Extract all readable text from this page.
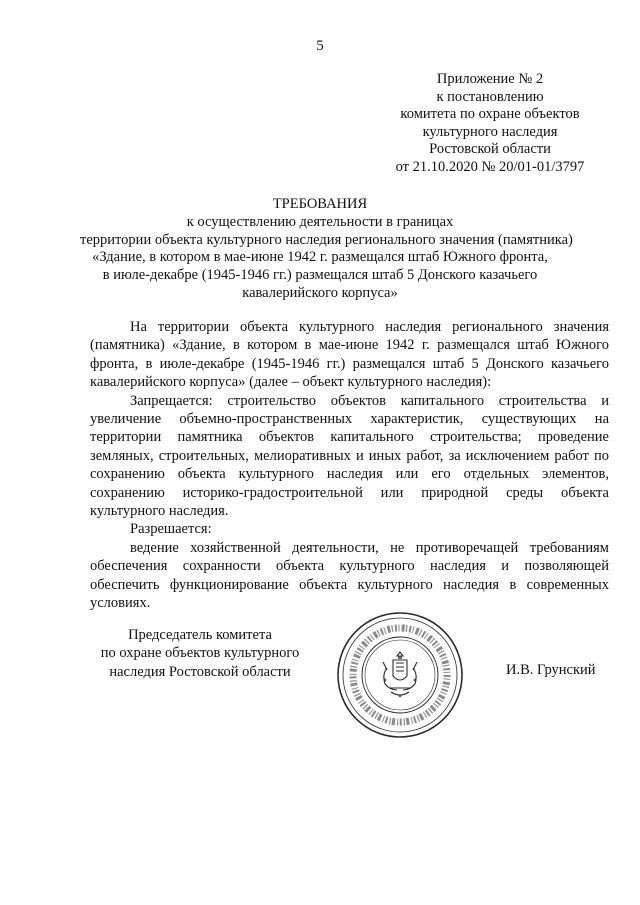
5
Приложение № 2
к постановлению
комитета по охране объектов
культурного наследия
Ростовской области
от 21.10.2020 № 20/01-01/3797
ТРЕБОВАНИЯ
к осуществлению деятельности в границах
территории объекта культурного наследия регионального значения (памятника)
«Здание, в котором в мае-июне 1942 г. размещался штаб Южного фронта,
в июле-декабре (1945-1946 гг.) размещался штаб 5 Донского казачьего
кавалерийского корпуса»

На территории объекта культурного наследия регионального значения (памятника) «Здание, в котором в мае-июне 1942 г. размещался штаб Южного фронта, в июле-декабре (1945-1946 гг.) размещался штаб 5 Донского казачьего кавалерийского корпуса» (далее – объект культурного наследия):

Запрещается: строительство объектов капитального строительства и увеличение объемно-пространственных характеристик, существующих на территории памятника объектов капитального строительства; проведение земляных, строительных, мелиоративных и иных работ, за исключением работ по сохранению объекта культурного наследия или его отдельных элементов, сохранению историко-градостроительной или природной среды объекта культурного наследия.

Разрешается:

ведение хозяйственной деятельности, не противоречащей требованиям обеспечения сохранности объекта культурного наследия и позволяющей обеспечить функционирование объекта культурного наследия в современных условиях.

Председатель комитета
по охране объектов культурного
наследия Ростовской области	И.В. Грунский
